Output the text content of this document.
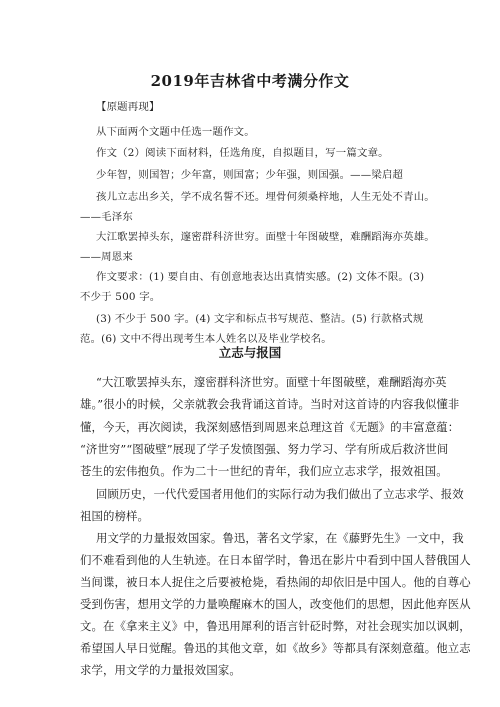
2019年吉林省中考满分作文
【原题再现】
从下面两个文题中任选一题作文。
作文（2）阅读下面材料，任选角度，自拟题目，写一篇文章。
少年智，则国智；少年富，则国富；少年强，则国强。——梁启超
孩儿立志出乡关，学不成名誓不还。埋骨何须桑梓地，人生无处不青山。
——毛泽东
大江歌罢掉头东，邃密群科济世穷。面壁十年图破壁，难酬蹈海亦英雄。
——周恩来
作文要求：(1) 要自由、有创意地表达出真情实感。(2) 文体不限。(3)
不少于 500 字。
(3) 不少于 500 字。(4) 文字和标点书写规范、整洁。(5) 行款格式规
范。(6) 文中不得出现考生本人姓名以及毕业学校名。
立志与报国
“大江歌罢掉头东，邃密群科济世穷。面壁十年图破壁，难酬蹈海亦英
雄。”很小的时候，父亲就教会我背诵这首诗。当时对这首诗的内容我似懂非
懂，今天，再次阅读，我深刻感悟到周恩来总理这首《无题》的丰富意蕴：
“济世穷”“图破壁”展现了学子发愤图强、努力学习、学有所成后救济世间
苍生的宏伟抱负。作为二十一世纪的青年，我们应立志求学，报效祖国。
回顾历史，一代代爱国者用他们的实际行动为我们做出了立志求学、报效
祖国的榜样。
用文学的力量报效国家。鲁迅，著名文学家，在《藤野先生》一文中，我
们不难看到他的人生轨迹。在日本留学时，鲁迅在影片中看到中国人替俄国人
当间谍，被日本人捉住之后要被枪毙，看热闹的却依旧是中国人。他的自尊心
受到伤害，想用文学的力量唤醒麻木的国人，改变他们的思想，因此他弃医从
文。在《拿来主义》中，鲁迅用犀利的语言针砭时弊，对社会现实加以讽刺，
希望国人早日觉醒。鲁迅的其他文章，如《故乡》等都具有深刻意蕴。他立志
求学，用文学的力量报效国家。
